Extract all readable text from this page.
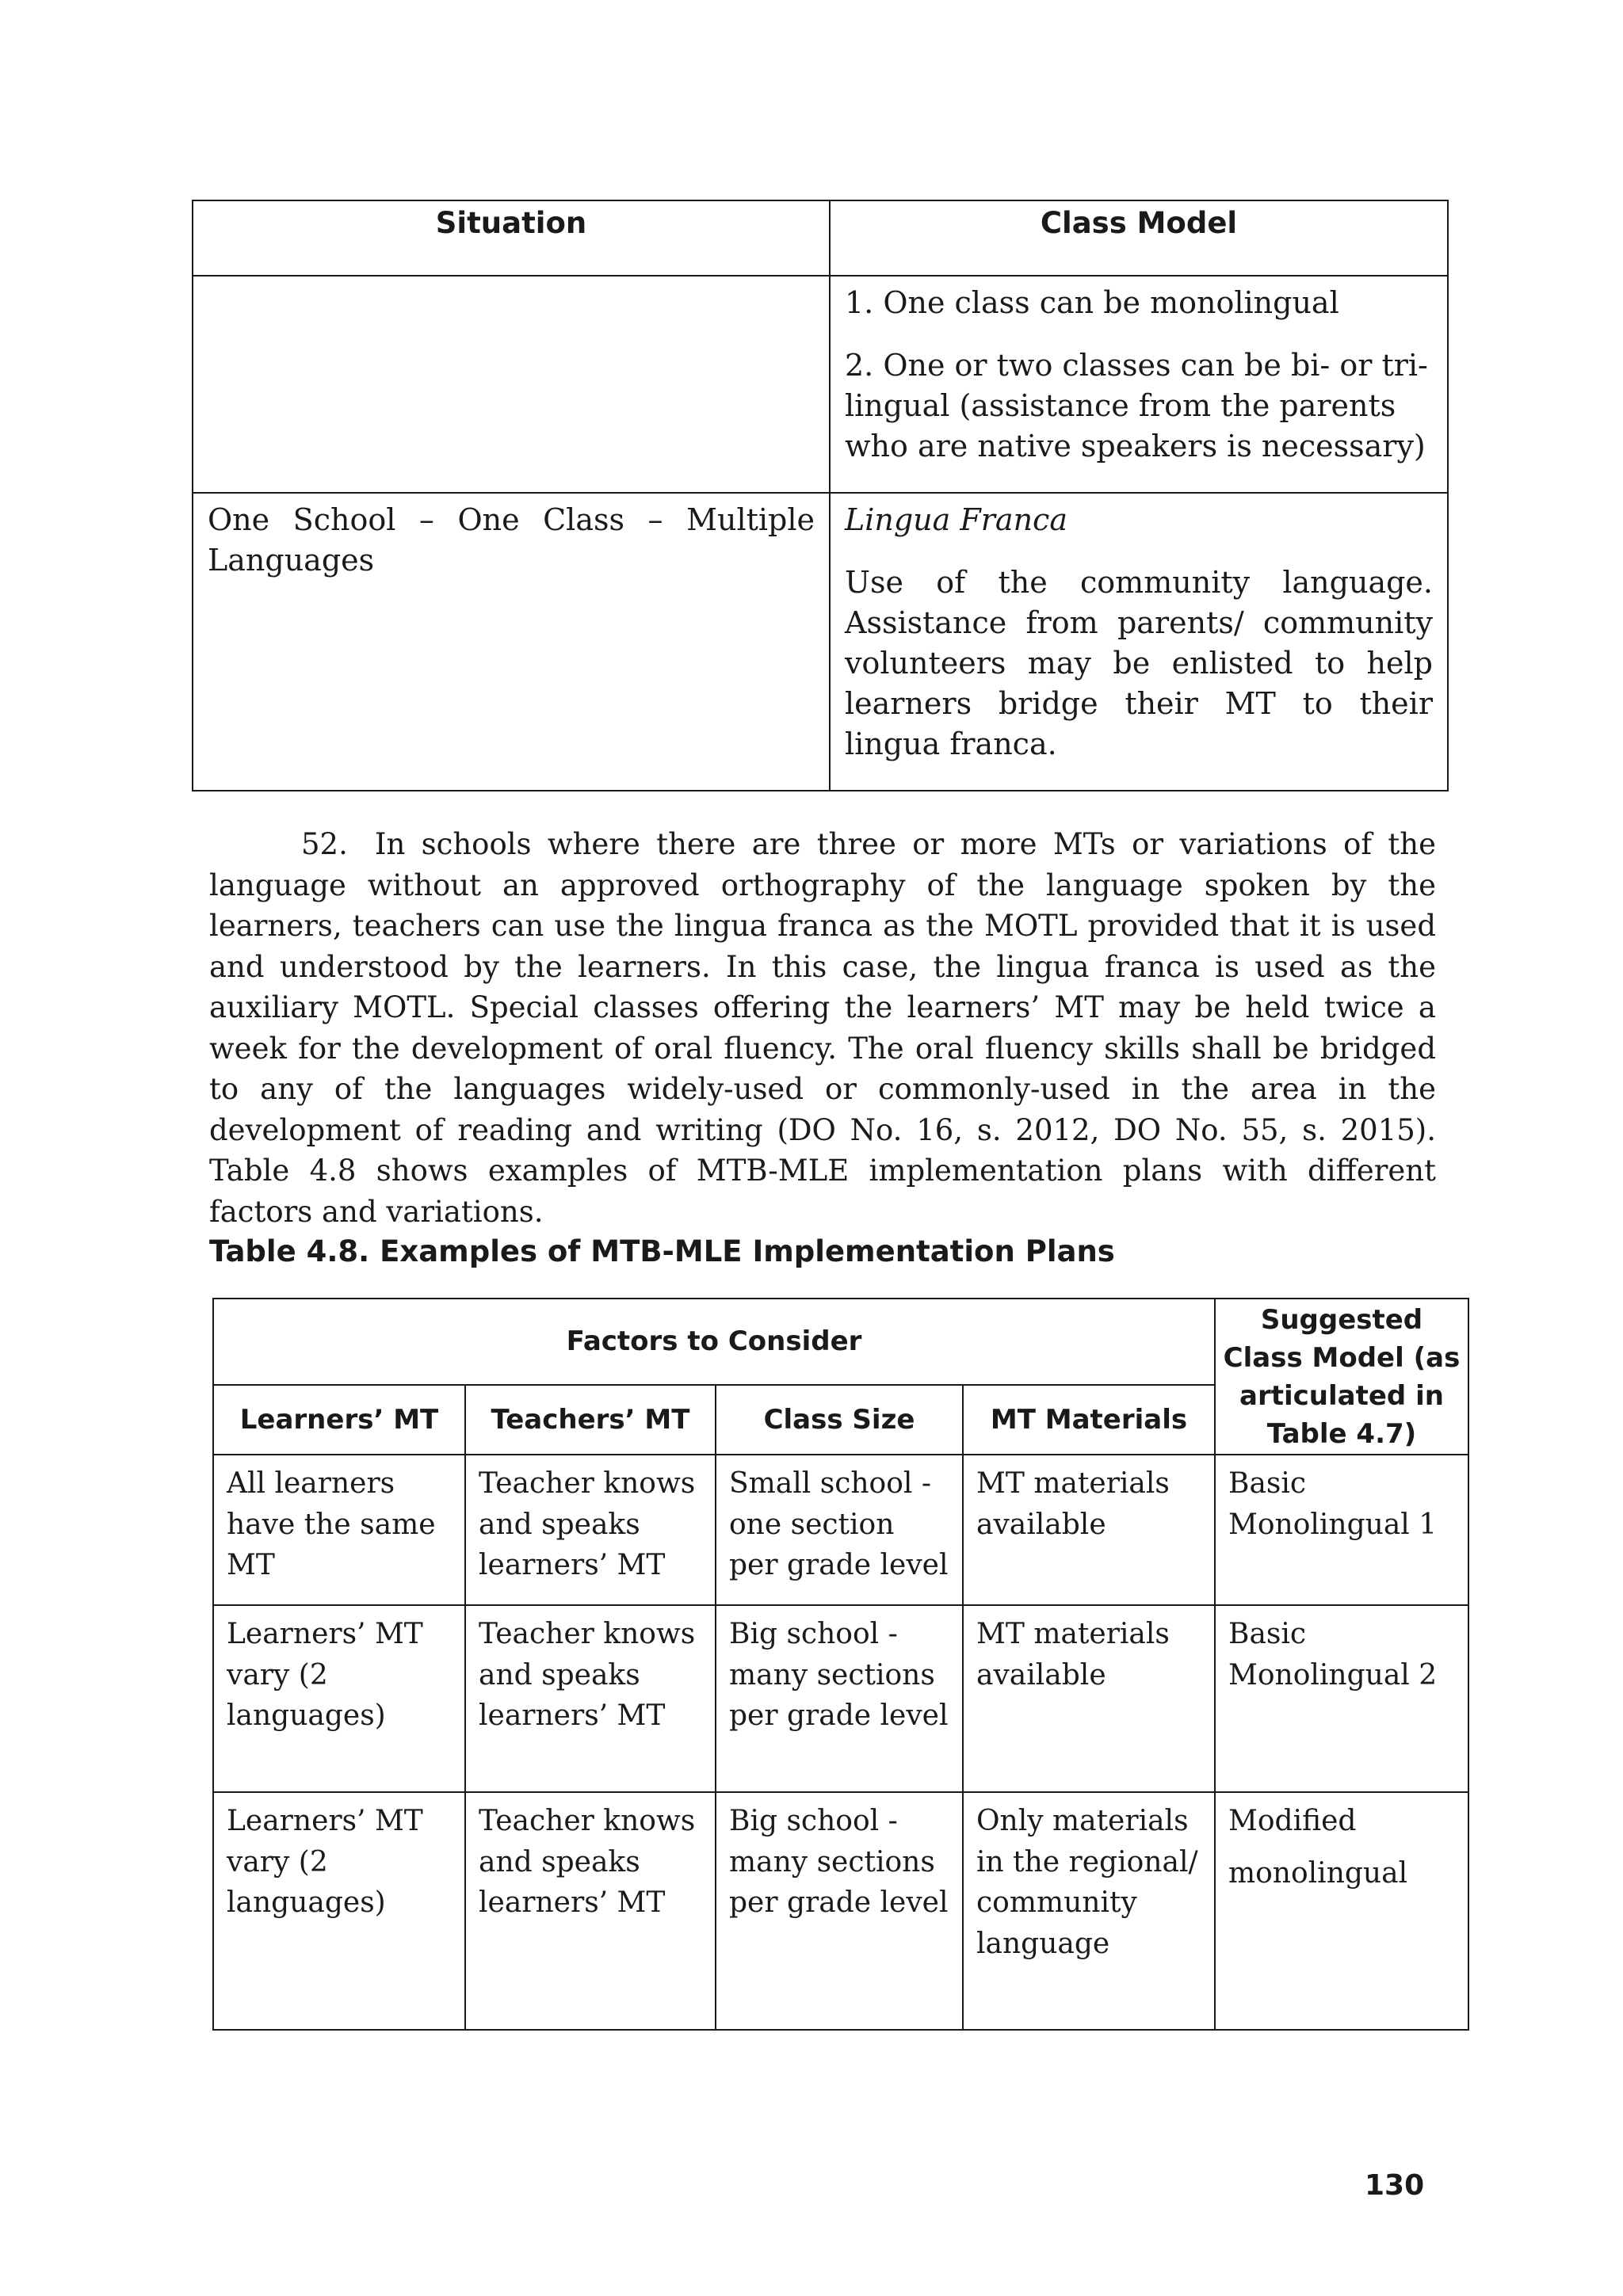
Situation	Class Model

	1. One class can be monolingual

2. One or two classes can be bi- or tri-lingual (assistance from the parents who are native speakers is necessary)

One School – One Class – Multiple Languages	Lingua Franca

Use of the community language. Assistance from parents/ community volunteers may be enlisted to help learners bridge their MT to their lingua franca.

52. In schools where there are three or more MTs or variations of the language without an approved orthography of the language spoken by the learners, teachers can use the lingua franca as the MOTL provided that it is used and understood by the learners. In this case, the lingua franca is used as the auxiliary MOTL. Special classes offering the learners’ MT may be held twice a week for the development of oral fluency. The oral fluency skills shall be bridged to any of the languages widely-used or commonly-used in the area in the development of reading and writing (DO No. 16, s. 2012, DO No. 55, s. 2015). Table 4.8 shows examples of MTB-MLE implementation plans with different factors and variations.

Table 4.8. Examples of MTB-MLE Implementation Plans

Factors to Consider				Suggested Class Model (as articulated in Table 4.7)
Learners’ MT	Teachers’ MT	Class Size	MT Materials	
All learners have the same MT	Teacher knows and speaks learners’ MT	Small school - one section per grade level	MT materials available	Basic Monolingual 1
Learners’ MT vary (2 languages)	Teacher knows and speaks learners’ MT	Big school - many sections per grade level	MT materials available	Basic Monolingual 2
Learners’ MT vary (2 languages)	Teacher knows and speaks learners’ MT	Big school - many sections per grade level	Only materials in the regional/ community language	Modified
monolingual
130
